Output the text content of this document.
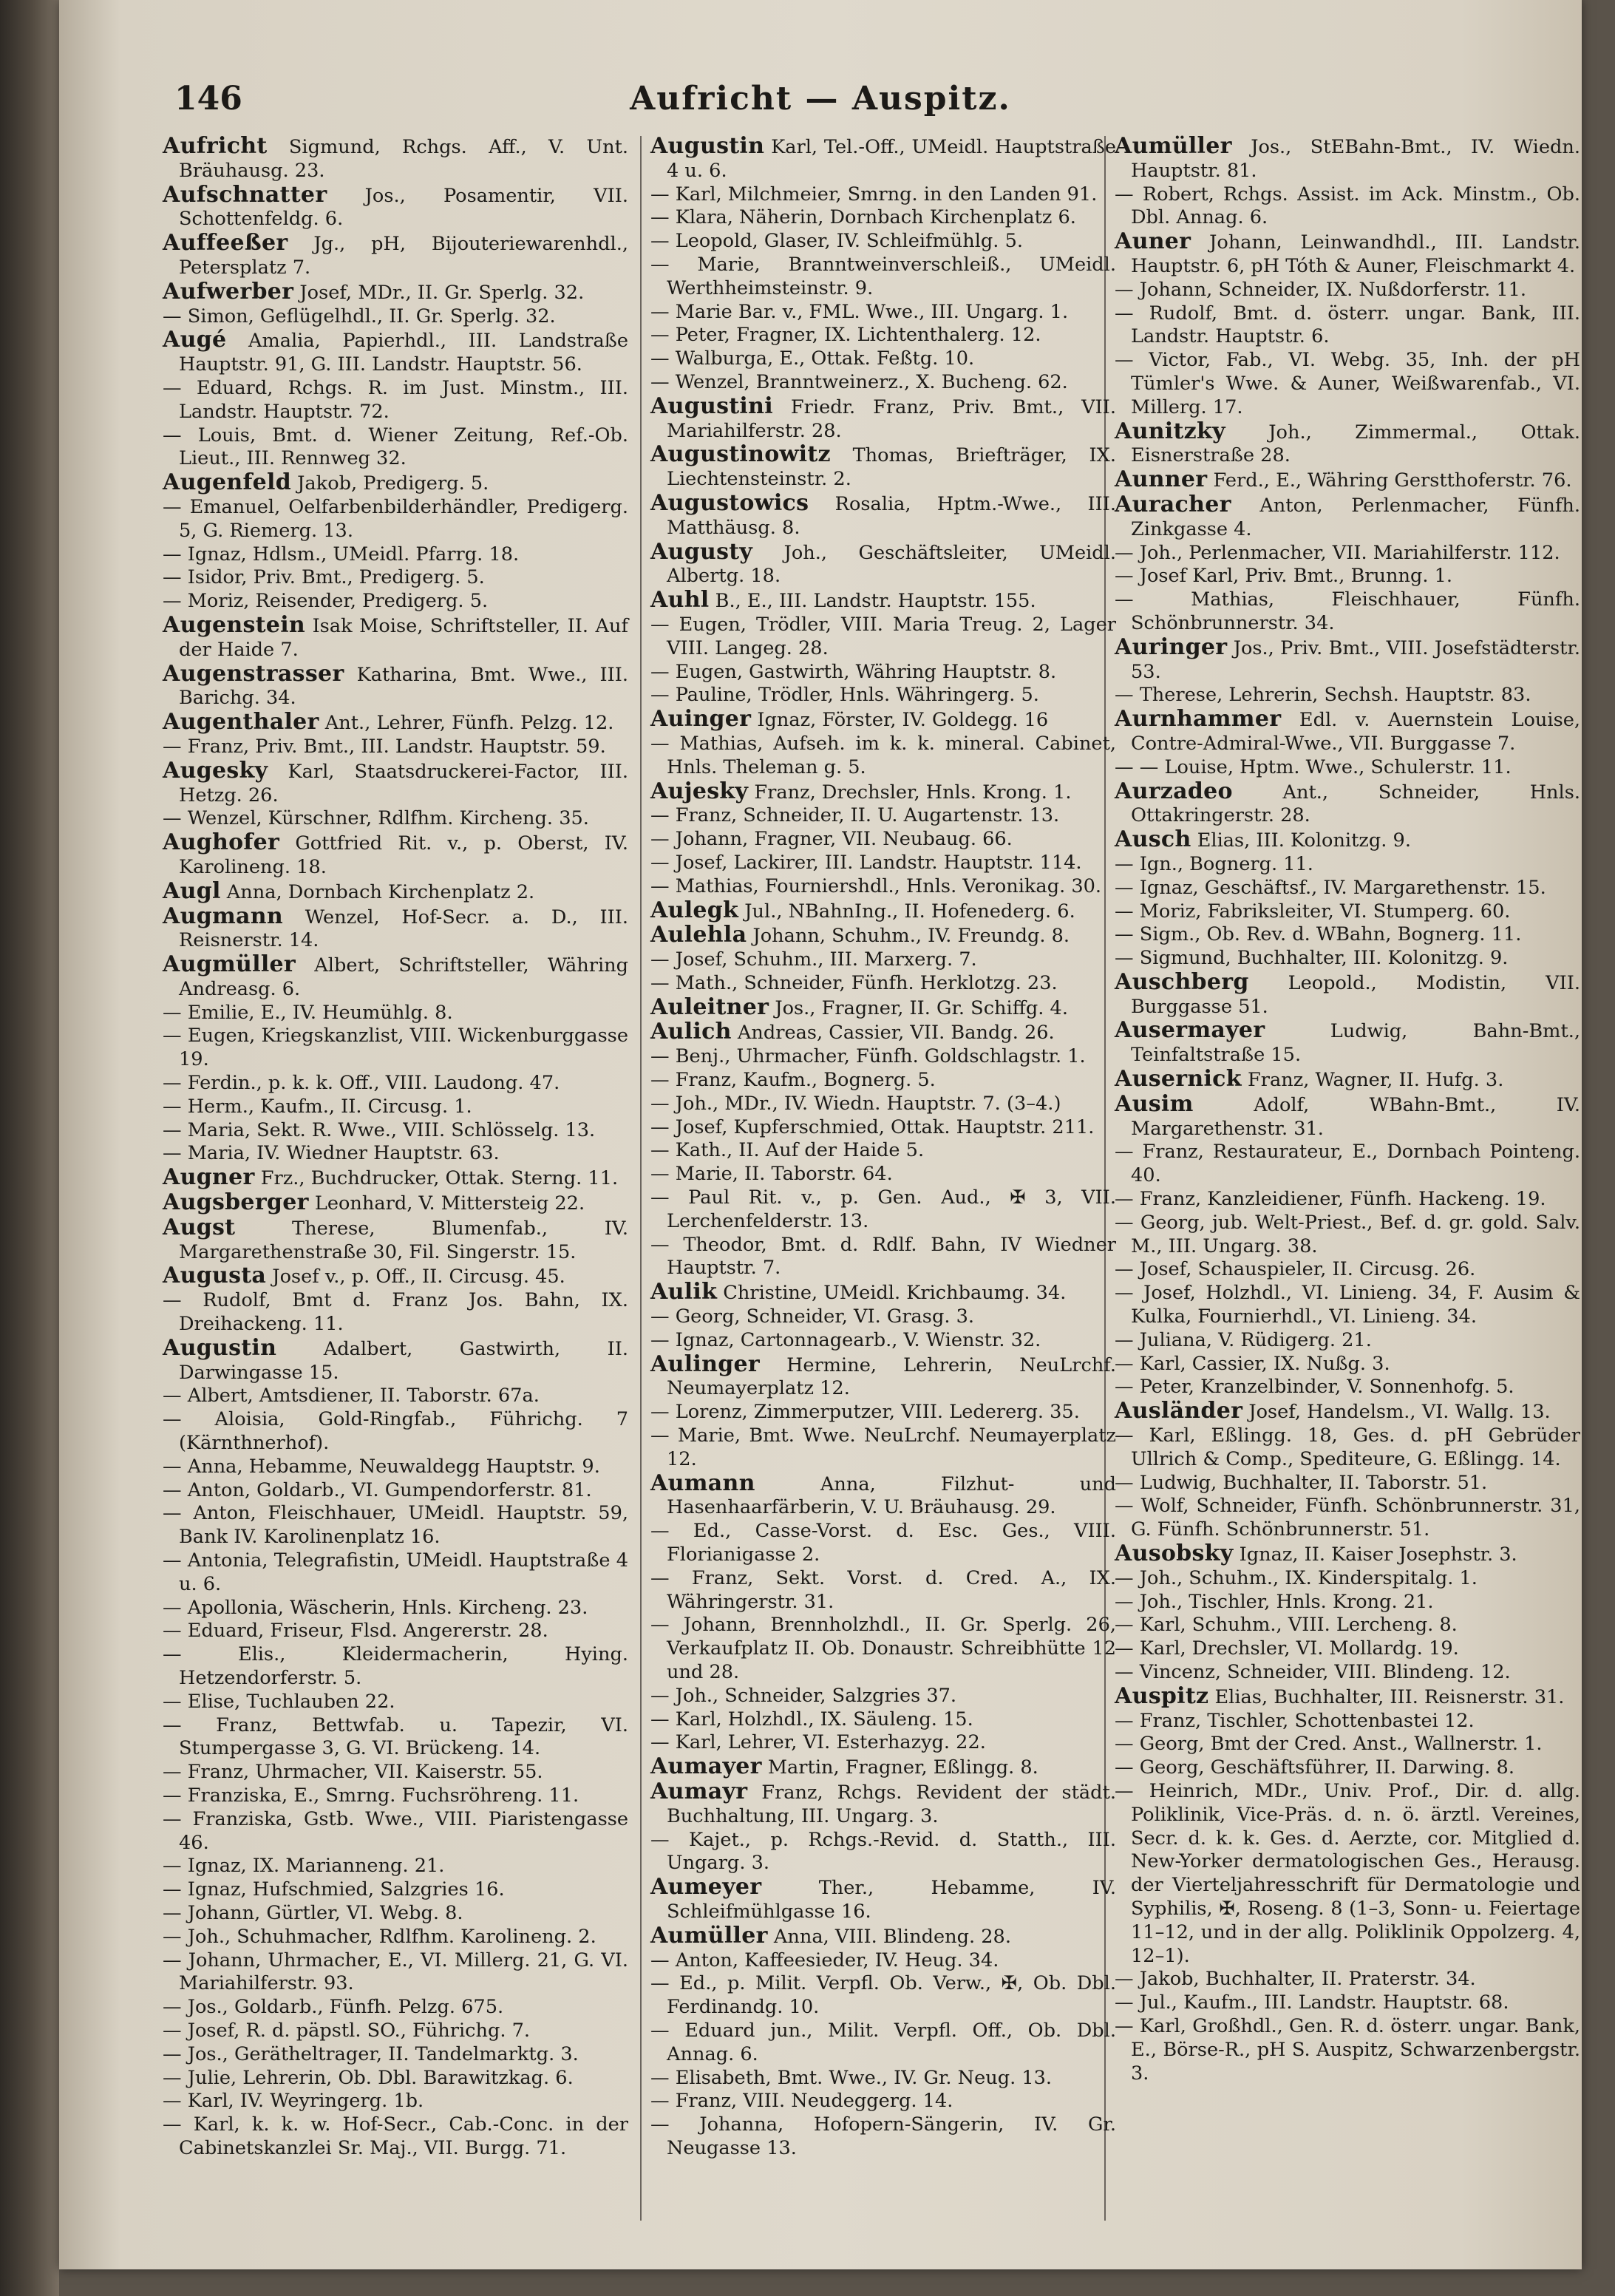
146	Aufricht — Auspitz.

Aufricht Sigmund, Rchgs. Aff., V. Unt. Bräuhausg. 23.

Aufschnatter Jos., Posamentir, VII. Schottenfeldg. 6.

Auffeeßer Jg., pH, Bijouteriewarenhdl., Petersplatz 7.

Aufwerber Josef, MDr., II. Gr. Sperlg. 32.

— Simon, Geflügelhdl., II. Gr. Sperlg. 32.

Augé Amalia, Papierhdl., III. Landstraße Hauptstr. 91, G. III. Landstr. Hauptstr. 56.

— Eduard, Rchgs. R. im Just. Minstm., III. Landstr. Hauptstr. 72.

— Louis, Bmt. d. Wiener Zeitung, Ref.-Ob. Lieut., III. Rennweg 32.

Augenfeld Jakob, Predigerg. 5.

— Emanuel, Oelfarbenbilderhändler, Predigerg. 5, G. Riemerg. 13.

— Ignaz, Hdlsm., UMeidl. Pfarrg. 18.

— Isidor, Priv. Bmt., Predigerg. 5.

— Moriz, Reisender, Predigerg. 5.

Augenstein Isak Moise, Schriftsteller, II. Auf der Haide 7.

Augenstrasser Katharina, Bmt. Wwe., III. Barichg. 34.

Augenthaler Ant., Lehrer, Fünfh. Pelzg. 12.

— Franz, Priv. Bmt., III. Landstr. Hauptstr. 59.

Augesky Karl, Staatsdruckerei-Factor, III. Hetzg. 26.

— Wenzel, Kürschner, Rdlfhm. Kircheng. 35.

Aughofer Gottfried Rit. v., p. Oberst, IV. Karolineng. 18.

Augl Anna, Dornbach Kirchenplatz 2.

Augmann Wenzel, Hof-Secr. a. D., III. Reisnerstr. 14.

Augmüller Albert, Schriftsteller, Währing Andreasg. 6.

— Emilie, E., IV. Heumühlg. 8.

— Eugen, Kriegskanzlist, VIII. Wickenburggasse 19.

— Ferdin., p. k. k. Off., VIII. Laudong. 47.

— Herm., Kaufm., II. Circusg. 1.

— Maria, Sekt. R. Wwe., VIII. Schlösselg. 13.

— Maria, IV. Wiedner Hauptstr. 63.

Augner Frz., Buchdrucker, Ottak. Sterng. 11.

Augsberger Leonhard, V. Mittersteig 22.

Augst Therese, Blumenfab., IV. Margarethenstraße 30, Fil. Singerstr. 15.

Augusta Josef v., p. Off., II. Circusg. 45.

— Rudolf, Bmt d. Franz Jos. Bahn, IX. Dreihackeng. 11.

Augustin Adalbert, Gastwirth, II. Darwingasse 15.

— Albert, Amtsdiener, II. Taborstr. 67a.

— Aloisia, Gold-Ringfab., Führichg. 7 (Kärnthnerhof).

— Anna, Hebamme, Neuwaldegg Hauptstr. 9.

— Anton, Goldarb., VI. Gumpendorferstr. 81.

— Anton, Fleischhauer, UMeidl. Hauptstr. 59, Bank IV. Karolinenplatz 16.

— Antonia, Telegrafistin, UMeidl. Hauptstraße 4 u. 6.

— Apollonia, Wäscherin, Hnls. Kircheng. 23.

— Eduard, Friseur, Flsd. Angererstr. 28.

— Elis., Kleidermacherin, Hying. Hetzendorferstr. 5.

— Elise, Tuchlauben 22.

— Franz, Bettwfab. u. Tapezir, VI. Stumpergasse 3, G. VI. Brückeng. 14.

— Franz, Uhrmacher, VII. Kaiserstr. 55.

— Franziska, E., Smrng. Fuchsröhreng. 11.

— Franziska, Gstb. Wwe., VIII. Piaristengasse 46.

— Ignaz, IX. Marianneng. 21.

— Ignaz, Hufschmied, Salzgries 16.

— Johann, Gürtler, VI. Webg. 8.

— Joh., Schuhmacher, Rdlfhm. Karolineng. 2.

— Johann, Uhrmacher, E., VI. Millerg. 21, G. VI. Mariahilferstr. 93.

— Jos., Goldarb., Fünfh. Pelzg. 675.

— Josef, R. d. päpstl. SO., Führichg. 7.

— Jos., Gerätheltrager, II. Tandelmarktg. 3.

— Julie, Lehrerin, Ob. Dbl. Barawitzkag. 6.

— Karl, IV. Weyringerg. 1b.

— Karl, k. k. w. Hof-Secr., Cab.-Conc. in der Cabinetskanzlei Sr. Maj., VII. Burgg. 71.

Augustin Karl, Tel.-Off., UMeidl. Hauptstraße 4 u. 6.

— Karl, Milchmeier, Smrng. in den Landen 91.

— Klara, Näherin, Dornbach Kirchenplatz 6.

— Leopold, Glaser, IV. Schleifmühlg. 5.

— Marie, Branntweinverschleiß., UMeidl. Werthheimsteinstr. 9.

— Marie Bar. v., FML. Wwe., III. Ungarg. 1.

— Peter, Fragner, IX. Lichtenthalerg. 12.

— Walburga, E., Ottak. Feßtg. 10.

— Wenzel, Branntweinerz., X. Bucheng. 62.

Augustini Friedr. Franz, Priv. Bmt., VII. Mariahilferstr. 28.

Augustinowitz Thomas, Briefträger, IX. Liechtensteinstr. 2.

Augustowics Rosalia, Hptm.-Wwe., III. Matthäusg. 8.

Augusty Joh., Geschäftsleiter, UMeidl. Albertg. 18.

Auhl B., E., III. Landstr. Hauptstr. 155.

— Eugen, Trödler, VIII. Maria Treug. 2, Lager VIII. Langeg. 28.

— Eugen, Gastwirth, Währing Hauptstr. 8.

— Pauline, Trödler, Hnls. Währingerg. 5.

Auinger Ignaz, Förster, IV. Goldegg. 16

— Mathias, Aufseh. im k. k. mineral. Cabinet, Hnls. Theleman g. 5.

Aujesky Franz, Drechsler, Hnls. Krong. 1.

— Franz, Schneider, II. U. Augartenstr. 13.

— Johann, Fragner, VII. Neubaug. 66.

— Josef, Lackirer, III. Landstr. Hauptstr. 114.

— Mathias, Fourniershdl., Hnls. Veronikag. 30.

Aulegk Jul., NBahnIng., II. Hofenederg. 6.

Aulehla Johann, Schuhm., IV. Freundg. 8.

— Josef, Schuhm., III. Marxerg. 7.

— Math., Schneider, Fünfh. Herklotzg. 23.

Auleitner Jos., Fragner, II. Gr. Schiffg. 4.

Aulich Andreas, Cassier, VII. Bandg. 26.

— Benj., Uhrmacher, Fünfh. Goldschlagstr. 1.

— Franz, Kaufm., Bognerg. 5.

— Joh., MDr., IV. Wiedn. Hauptstr. 7. (3–4.)

— Josef, Kupferschmied, Ottak. Hauptstr. 211.

— Kath., II. Auf der Haide 5.

— Marie, II. Taborstr. 64.

— Paul Rit. v., p. Gen. Aud., ✠ 3, VII. Lerchenfelderstr. 13.

— Theodor, Bmt. d. Rdlf. Bahn, IV Wiedner Hauptstr. 7.

Aulik Christine, UMeidl. Krichbaumg. 34.

— Georg, Schneider, VI. Grasg. 3.

— Ignaz, Cartonnagearb., V. Wienstr. 32.

Aulinger Hermine, Lehrerin, NeuLrchf. Neumayerplatz 12.

— Lorenz, Zimmerputzer, VIII. Ledererg. 35.

— Marie, Bmt. Wwe. NeuLrchf. Neumayerplatz 12.

Aumann Anna, Filzhut- und Hasenhaarfärberin, V. U. Bräuhausg. 29.

— Ed., Casse-Vorst. d. Esc. Ges., VIII. Florianigasse 2.

— Franz, Sekt. Vorst. d. Cred. A., IX. Währingerstr. 31.

— Johann, Brennholzhdl., II. Gr. Sperlg. 26, Verkaufplatz II. Ob. Donaustr. Schreibhütte 12 und 28.

— Joh., Schneider, Salzgries 37.

— Karl, Holzhdl., IX. Säuleng. 15.

— Karl, Lehrer, VI. Esterhazyg. 22.

Aumayer Martin, Fragner, Eßlingg. 8.

Aumayr Franz, Rchgs. Revident der städt. Buchhaltung, III. Ungarg. 3.

— Kajet., p. Rchgs.-Revid. d. Statth., III. Ungarg. 3.

Aumeyer Ther., Hebamme, IV. Schleifmühlgasse 16.

Aumüller Anna, VIII. Blindeng. 28.

— Anton, Kaffeesieder, IV. Heug. 34.

— Ed., p. Milit. Verpfl. Ob. Verw., ✠, Ob. Dbl. Ferdinandg. 10.

— Eduard jun., Milit. Verpfl. Off., Ob. Dbl. Annag. 6.

— Elisabeth, Bmt. Wwe., IV. Gr. Neug. 13.

— Franz, VIII. Neudeggerg. 14.

— Johanna, Hofopern-Sängerin, IV. Gr. Neugasse 13.

Aumüller Jos., StEBahn-Bmt., IV. Wiedn. Hauptstr. 81.

— Robert, Rchgs. Assist. im Ack. Minstm., Ob. Dbl. Annag. 6.

Auner Johann, Leinwandhdl., III. Landstr. Hauptstr. 6, pH Tóth & Auner, Fleischmarkt 4.

— Johann, Schneider, IX. Nußdorferstr. 11.

— Rudolf, Bmt. d. österr. ungar. Bank, III. Landstr. Hauptstr. 6.

— Victor, Fab., VI. Webg. 35, Inh. der pH Tümler's Wwe. & Auner, Weißwarenfab., VI. Millerg. 17.

Aunitzky Joh., Zimmermal., Ottak. Eisnerstraße 28.

Aunner Ferd., E., Währing Gerstthoferstr. 76.

Auracher Anton, Perlenmacher, Fünfh. Zinkgasse 4.

— Joh., Perlenmacher, VII. Mariahilferstr. 112.

— Josef Karl, Priv. Bmt., Brunng. 1.

— Mathias, Fleischhauer, Fünfh. Schönbrunnerstr. 34.

Auringer Jos., Priv. Bmt., VIII. Josefstädterstr. 53.

— Therese, Lehrerin, Sechsh. Hauptstr. 83.

Aurnhammer Edl. v. Auernstein Louise, Contre-Admiral-Wwe., VII. Burggasse 7.

— — Louise, Hptm. Wwe., Schulerstr. 11.

Aurzadeo Ant., Schneider, Hnls. Ottakringerstr. 28.

Ausch Elias, III. Kolonitzg. 9.

— Ign., Bognerg. 11.

— Ignaz, Geschäftsf., IV. Margarethenstr. 15.

— Moriz, Fabriksleiter, VI. Stumperg. 60.

— Sigm., Ob. Rev. d. WBahn, Bognerg. 11.

— Sigmund, Buchhalter, III. Kolonitzg. 9.

Auschberg Leopold., Modistin, VII. Burggasse 51.

Ausermayer Ludwig, Bahn-Bmt., Teinfaltstraße 15.

Ausernick Franz, Wagner, II. Hufg. 3.

Ausim Adolf, WBahn-Bmt., IV. Margarethenstr. 31.

— Franz, Restaurateur, E., Dornbach Pointeng. 40.

— Franz, Kanzleidiener, Fünfh. Hackeng. 19.

— Georg, jub. Welt-Priest., Bef. d. gr. gold. Salv. M., III. Ungarg. 38.

— Josef, Schauspieler, II. Circusg. 26.

— Josef, Holzhdl., VI. Linieng. 34, F. Ausim & Kulka, Fournierhdl., VI. Linieng. 34.

— Juliana, V. Rüdigerg. 21.

— Karl, Cassier, IX. Nußg. 3.

— Peter, Kranzelbinder, V. Sonnenhofg. 5.

Ausländer Josef, Handelsm., VI. Wallg. 13.

— Karl, Eßlingg. 18, Ges. d. pH Gebrüder Ullrich & Comp., Spediteure, G. Eßlingg. 14.

— Ludwig, Buchhalter, II. Taborstr. 51.

— Wolf, Schneider, Fünfh. Schönbrunnerstr. 31, G. Fünfh. Schönbrunnerstr. 51.

Ausobsky Ignaz, II. Kaiser Josephstr. 3.

— Joh., Schuhm., IX. Kinderspitalg. 1.

— Joh., Tischler, Hnls. Krong. 21.

— Karl, Schuhm., VIII. Lercheng. 8.

— Karl, Drechsler, VI. Mollardg. 19.

— Vincenz, Schneider, VIII. Blindeng. 12.

Auspitz Elias, Buchhalter, III. Reisnerstr. 31.

— Franz, Tischler, Schottenbastei 12.

— Georg, Bmt der Cred. Anst., Wallnerstr. 1.

— Georg, Geschäftsführer, II. Darwing. 8.

— Heinrich, MDr., Univ. Prof., Dir. d. allg. Poliklinik, Vice-Präs. d. n. ö. ärztl. Vereines, Secr. d. k. k. Ges. d. Aerzte, cor. Mitglied d. New-Yorker dermatologischen Ges., Herausg. der Vierteljahresschrift für Dermatologie und Syphilis, ✠, Roseng. 8 (1–3, Sonn- u. Feiertage 11–12, und in der allg. Poliklinik Oppolzerg. 4, 12–1).

— Jakob, Buchhalter, II. Praterstr. 34.

— Jul., Kaufm., III. Landstr. Hauptstr. 68.

— Karl, Großhdl., Gen. R. d. österr. ungar. Bank, E., Börse-R., pH S. Auspitz, Schwarzenbergstr. 3.
